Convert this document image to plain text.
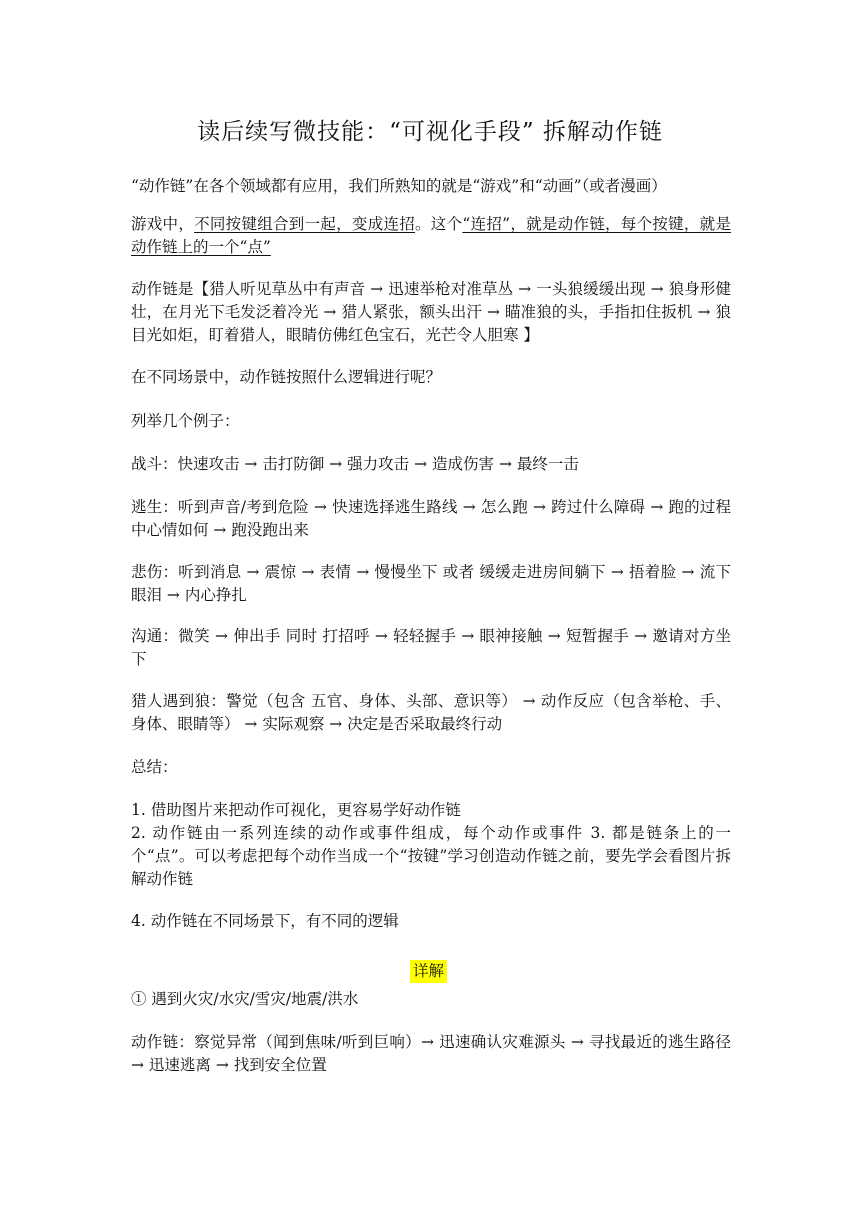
读后续写微技能：“可视化手段” 拆解动作链
“动作链”在各个领域都有应用，我们所熟知的就是“游戏”和“动画”（或者漫画）
游戏中，不同按键组合到一起，变成连招。这个“连招”，就是动作链，每个按键，就是动作链上的一个“点”
动作链是【猎人听见草丛中有声音 → 迅速举枪对准草丛 → 一头狼缓缓出现 → 狼身形健壮，在月光下毛发泛着冷光 → 猎人紧张，额头出汗 → 瞄准狼的头，手指扣住扳机 → 狼目光如炬，盯着猎人，眼睛仿佛红色宝石，光芒令人胆寒 】
在不同场景中，动作链按照什么逻辑进行呢？
列举几个例子：
战斗：快速攻击 → 击打防御 → 强力攻击 → 造成伤害 → 最终一击
逃生：听到声音/考到危险 → 快速选择逃生路线 → 怎么跑 → 跨过什么障碍 → 跑的过程中心情如何 → 跑没跑出来
悲伤：听到消息 → 震惊 → 表情 → 慢慢坐下 或者 缓缓走进房间躺下 → 捂着脸 → 流下眼泪 → 内心挣扎
沟通：微笑 → 伸出手 同时 打招呼 → 轻轻握手 → 眼神接触 → 短暂握手 → 邀请对方坐下
猎人遇到狼：警觉（包含 五官、身体、头部、意识等） → 动作反应（包含举枪、手、身体、眼睛等） → 实际观察 → 决定是否采取最终行动
总结：
1. 借助图片来把动作可视化，更容易学好动作链
2. 动作链由一系列连续的动作或事件组成，每个动作或事件 3. 都是链条上的一个“点”。可以考虑把每个动作当成一个“按键”学习创造动作链之前，要先学会看图片拆解动作链
4. 动作链在不同场景下，有不同的逻辑
详解
① 遇到火灾/水灾/雪灾/地震/洪水
动作链：察觉异常（闻到焦味/听到巨响）→ 迅速确认灾难源头 → 寻找最近的逃生路径 → 迅速逃离 → 找到安全位置
